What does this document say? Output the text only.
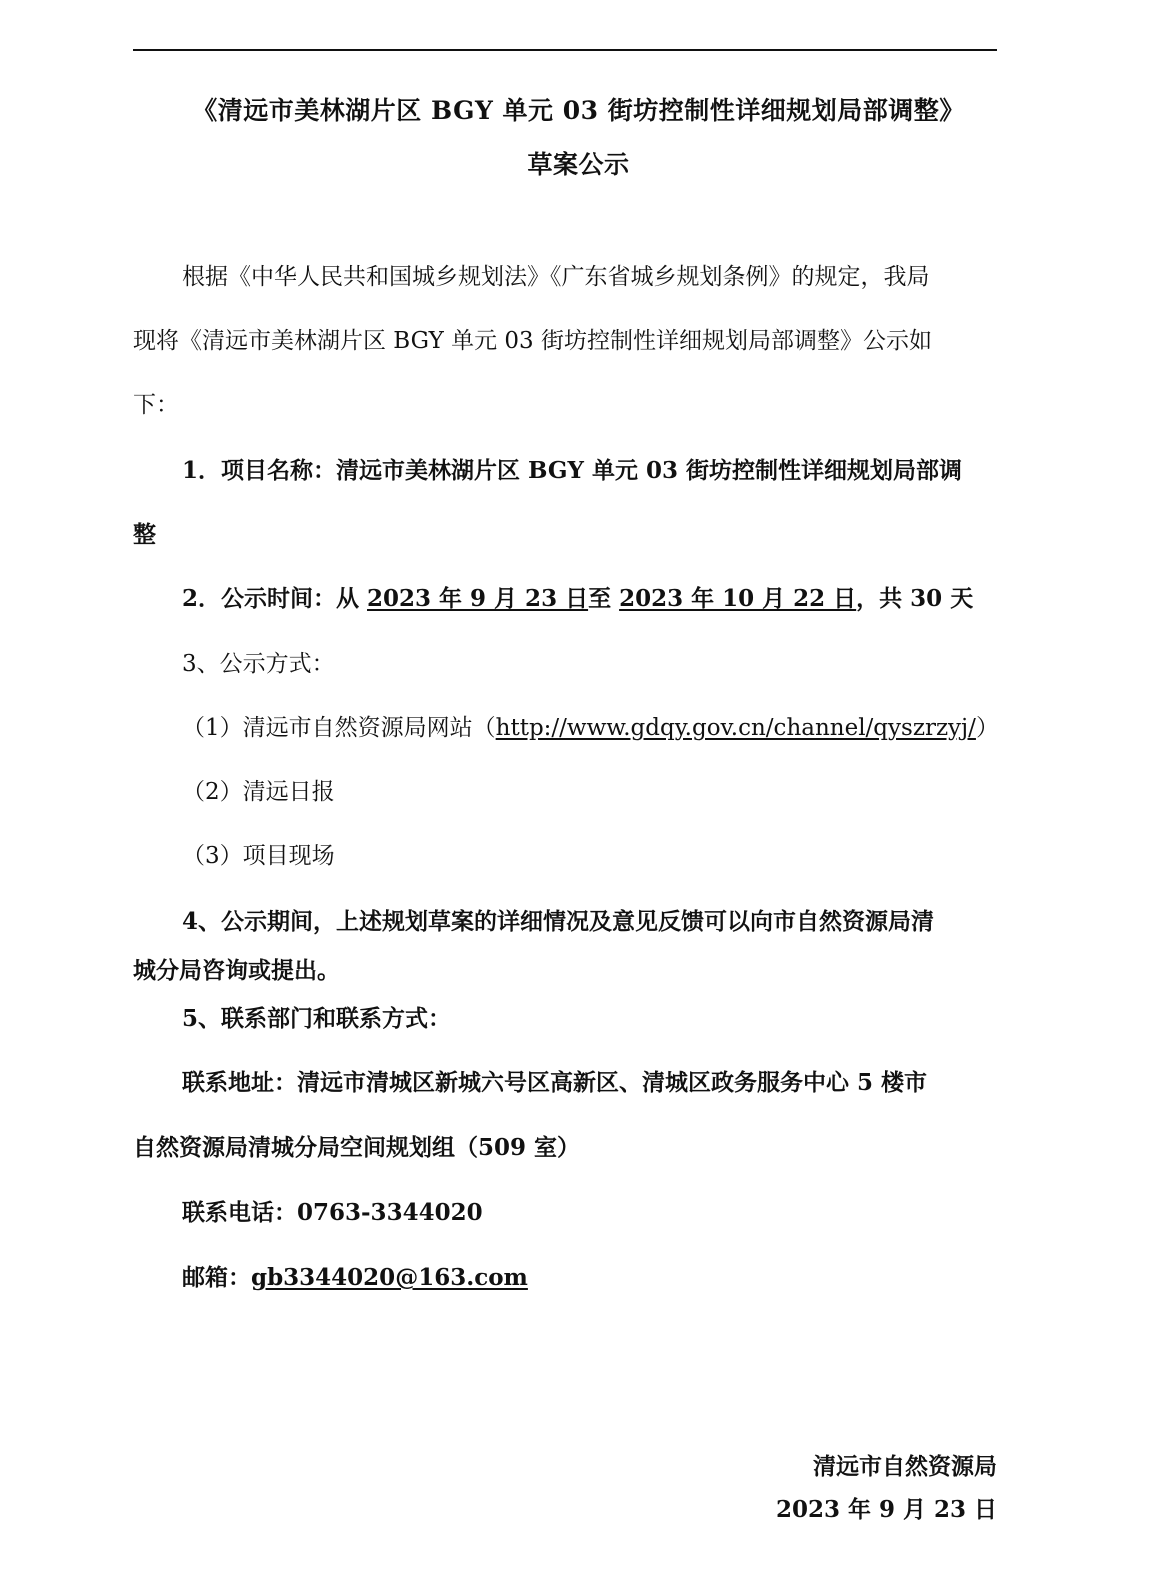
《清远市美林湖片区 BGY 单元 03 街坊控制性详细规划局部调整》
草案公示
根据《中华人民共和国城乡规划法》《广东省城乡规划条例》的规定，我局
现将《清远市美林湖片区 BGY 单元 03 街坊控制性详细规划局部调整》公示如
下：
1．项目名称：清远市美林湖片区 BGY 单元 03 街坊控制性详细规划局部调
整
2．公示时间：从 2023 年 9 月 23 日至 2023 年 10 月 22 日，共 30 天
3、公示方式：
（1）清远市自然资源局网站（http://www.gdqy.gov.cn/channel/qyszrzyj/）
（2）清远日报
（3）项目现场
4、公示期间，上述规划草案的详细情况及意见反馈可以向市自然资源局清
城分局咨询或提出。
5、联系部门和联系方式：
联系地址：清远市清城区新城六号区高新区、清城区政务服务中心 5 楼市
自然资源局清城分局空间规划组（509 室）
联系电话：0763-3344020
邮箱：gb3344020@163.com
清远市自然资源局
2023 年 9 月 23 日
